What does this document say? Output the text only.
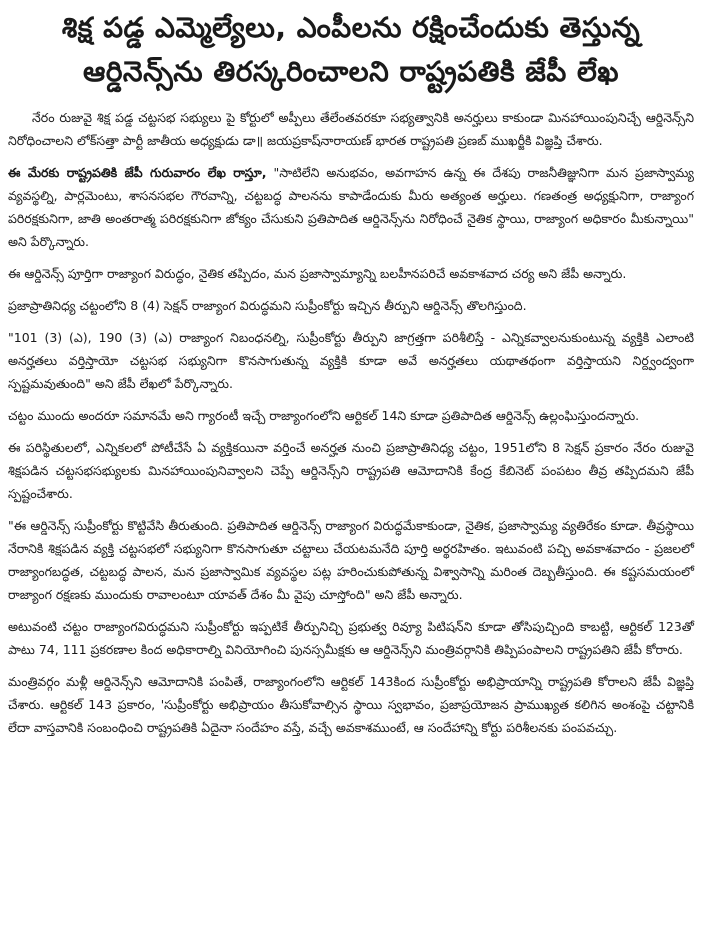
శిక్ష పడ్డ ఎమ్మెల్యేలు, ఎంపీలను రక్షించేందుకు తెస్తున్న
ఆర్డినెన్స్‌ను తిరస్కరించాలని రాష్ట్రపతికి జేపీ లేఖ

నేరం రుజువై శిక్ష పడ్డ చట్టసభ సభ్యులు పై కోర్టులో అప్పీలు తేలేంతవరకూ సభ్యత్వానికి అనర్హులు కాకుండా మినహాయింపునిచ్చే ఆర్డినెన్స్‌ని నిరోధించాలని లోక్‌సత్తా పార్టీ జాతీయ అధ్యక్షుడు డా॥ జయప్రకాష్‌నారాయణ్ భారత రాష్ట్రపతి ప్రణబ్ ముఖర్జీకి విజ్ఞప్తి చేశారు.

ఈ మేరకు రాష్ట్రపతికి జేపీ గురువారం లేఖ రాస్తూ, "సాటిలేని అనుభవం, అవగాహన ఉన్న ఈ దేశపు రాజనీతిజ్ఞునిగా మన ప్రజాస్వామ్య వ్యవస్థల్ని, పార్లమెంటు, శాసనసభల గౌరవాన్ని, చట్టబద్ధ పాలనను కాపాడేందుకు మీరు అత్యంత అర్హులు. గణతంత్ర అధ్యక్షునిగా, రాజ్యాంగ పరిరక్షకునిగా, జాతి అంతరాత్మ పరిరక్షకునిగా జోక్యం చేసుకుని ప్రతిపాదిత ఆర్డినెన్స్‌ను నిరోధించే నైతిక స్థాయి, రాజ్యాంగ అధికారం మీకున్నాయి" అని పేర్కొన్నారు.

ఈ ఆర్డినెన్స్ పూర్తిగా రాజ్యాంగ విరుద్ధం, నైతిక తప్పిదం, మన ప్రజాస్వామ్యాన్ని బలహీనపరిచే అవకాశవాద చర్య అని జేపీ అన్నారు.

ప్రజాప్రాతినిధ్య చట్టంలోని 8 (4) సెక్షన్ రాజ్యాంగ విరుద్ధమని సుప్రీంకోర్టు ఇచ్చిన తీర్పుని ఆర్డినెన్స్ తొలగిస్తుంది.

"101 (3) (ఎ), 190 (3) (ఎ) రాజ్యాంగ నిబంధనల్ని, సుప్రీంకోర్టు తీర్పుని జాగ్రత్తగా పరిశీలిస్తే - ఎన్నికవ్వాలనుకుంటున్న వ్యక్తికి ఎలాంటి అనర్హతలు వర్తిస్తాయో చట్టసభ సభ్యునిగా కొనసాగుతున్న వ్యక్తికి కూడా అవే అనర్హతలు యథాతథంగా వర్తిస్తాయని నిర్ద్వంద్వంగా స్పష్టమవుతుంది" అని జేపీ లేఖలో పేర్కొన్నారు.

చట్టం ముందు అందరూ సమానమే అని గ్యారంటీ ఇచ్చే రాజ్యాంగంలోని ఆర్టికల్ 14ని కూడా ప్రతిపాదిత ఆర్డినెన్స్ ఉల్లంఘిస్తుందన్నారు.

ఈ పరిస్థితులలో, ఎన్నికలలో పోటీచేసే ఏ వ్యక్తికయినా వర్తించే అనర్హత నుంచి ప్రజాప్రాతినిధ్య చట్టం, 1951లోని 8 సెక్షన్ ప్రకారం నేరం రుజువై శిక్షపడిన చట్టసభసభ్యులకు మినహాయింపునివ్వాలని చెప్పే ఆర్డినెన్స్‌ని రాష్ట్రపతి ఆమోదానికి కేంద్ర కేబినెట్ పంపటం తీవ్ర తప్పిదమని జేపీ స్పష్టంచేశారు.

"ఈ ఆర్డినెన్స్ సుప్రీంకోర్టు కొట్టివేసి తీరుతుంది. ప్రతిపాదిత ఆర్డినెన్స్ రాజ్యాంగ విరుద్ధమేకాకుండా, నైతిక, ప్రజాస్వామ్య వ్యతిరేకం కూడా. తీవ్రస్థాయి నేరానికి శిక్షపడిన వ్యక్తి చట్టసభలో సభ్యునిగా కొనసాగుతూ చట్టాలు చేయటమనేది పూర్తి అర్థరహితం. ఇటువంటి పచ్చి అవకాశవాదం - ప్రజలలో రాజ్యాంగబద్ధత, చట్టబద్ధ పాలన, మన ప్రజాస్వామిక వ్యవస్థల పట్ల హరించుకుపోతున్న విశ్వాసాన్ని మరింత దెబ్బతీస్తుంది. ఈ కష్టసమయంలో రాజ్యాంగ రక్షణకు ముందుకు రావాలంటూ యావత్ దేశం మీ వైపు చూస్తోంది" అని జేపీ అన్నారు.

అటువంటి చట్టం రాజ్యాంగవిరుద్ధమని సుప్రీంకోర్టు ఇప్పటికే తీర్పునిచ్చి ప్రభుత్వ రివ్యూ పిటిషన్‌ని కూడా తోసిపుచ్చింది కాబట్టి, ఆర్టికల్ 123తో పాటు 74, 111 ప్రకరణాల కింద అధికారాల్ని వినియోగించి పునస్సమీక్షకు ఆ ఆర్డినెన్స్‌ని మంత్రివర్గానికి తిప్పిపంపాలని రాష్ట్రపతిని జేపీ కోరారు.

మంత్రివర్గం మళ్లీ ఆర్డినెన్స్‌ని ఆమోదానికి పంపితే, రాజ్యాంగంలోని ఆర్టికల్ 143కింద సుప్రీంకోర్టు అభిప్రాయాన్ని రాష్ట్రపతి కోరాలని జేపీ విజ్ఞప్తి చేశారు. ఆర్టికల్ 143 ప్రకారం, 'సుప్రీంకోర్టు అభిప్రాయం తీసుకోవాల్సిన స్థాయి స్వభావం, ప్రజాప్రయోజన ప్రాముఖ్యత కలిగిన అంశంపై చట్టానికి లేదా వాస్తవానికి సంబంధించి రాష్ట్రపతికి ఏదైనా సందేహం వస్తే, వచ్చే అవకాశముంటే, ఆ సందేహాన్ని కోర్టు పరిశీలనకు పంపవచ్చు.
